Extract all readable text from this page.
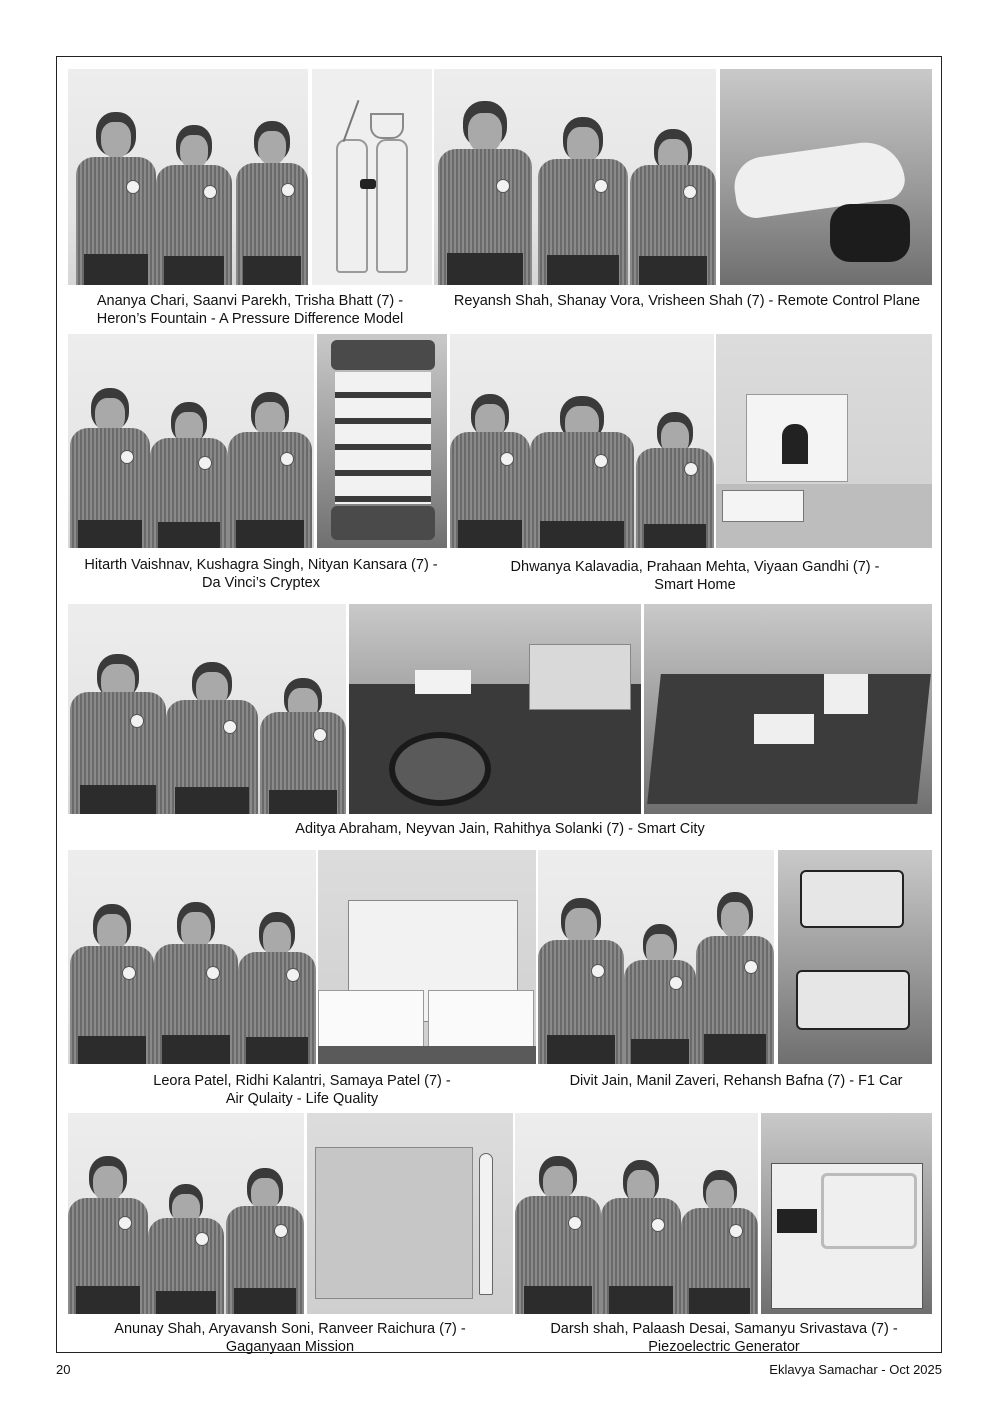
Ananya Chari, Saanvi Parekh, Trisha Bhatt (7) -
Heron’s Fountain - A Pressure Difference Model
Reyansh Shah, Shanay Vora, Vrisheen Shah (7) - Remote Control Plane
Hitarth Vaishnav, Kushagra Singh, Nityan Kansara (7) -
Da Vinci’s Cryptex
Dhwanya Kalavadia, Prahaan Mehta, Viyaan Gandhi (7) -
Smart Home
Aditya Abraham, Neyvan Jain, Rahithya Solanki (7) - Smart City
Leora Patel, Ridhi Kalantri, Samaya Patel (7) -
Air Qulaity - Life Quality
Divit Jain, Manil Zaveri, Rehansh Bafna (7) - F1 Car
Anunay Shah, Aryavansh Soni, Ranveer Raichura (7) -
Gaganyaan Mission
Darsh shah, Palaash Desai, Samanyu Srivastava (7) -
Piezoelectric Generator
20	Eklavya Samachar - Oct 2025
